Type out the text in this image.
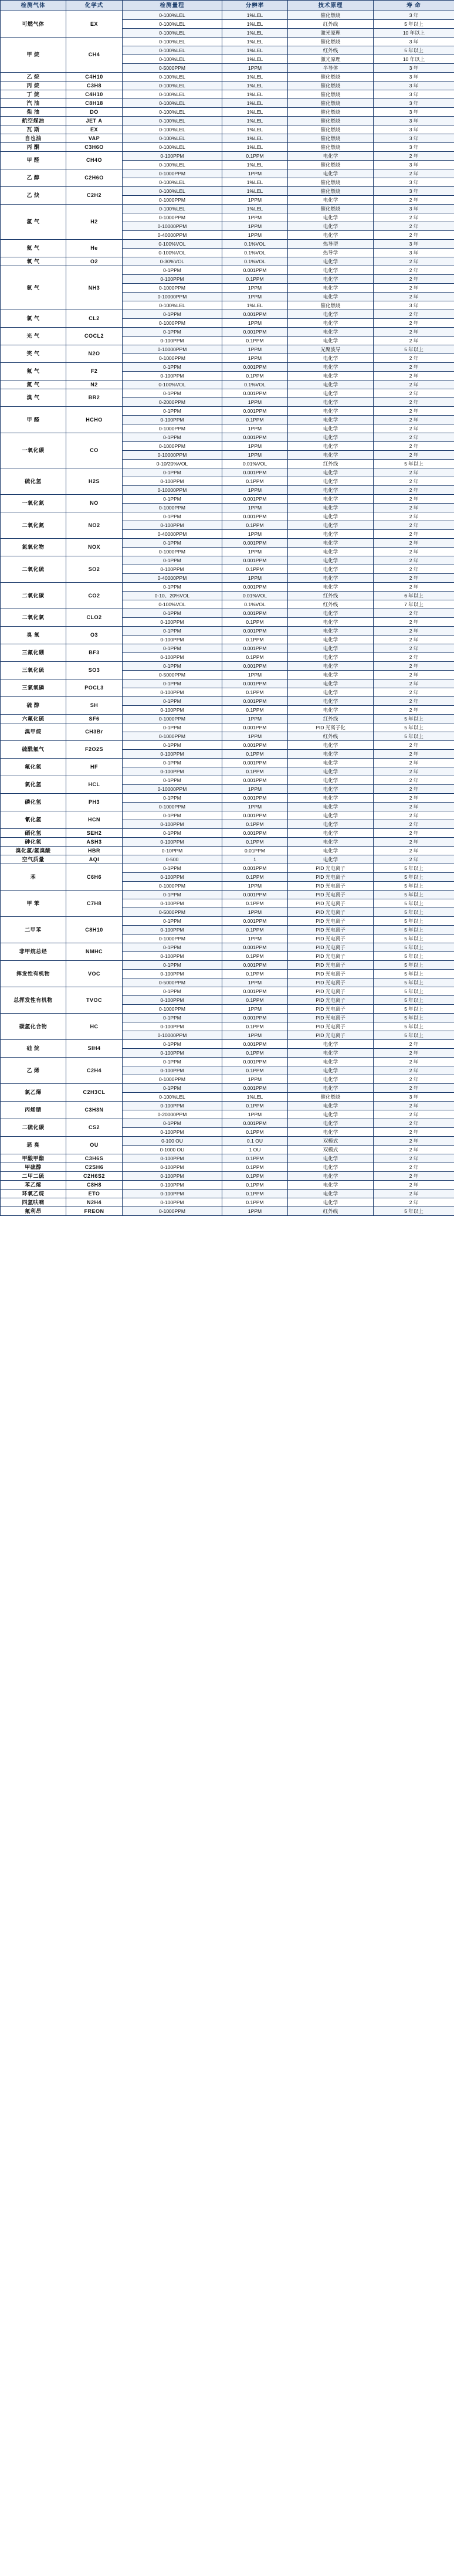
检测气体	化学式	检测量程	分辨率	技术原理	寿 命
可燃气体	EX	0-100%LEL	1%LEL	催化燃烧	3 年
		0-100%LEL	1%LEL	红外线	5 年以上
		0-100%LEL	1%LEL	激光原理	10 年以上
甲 烷	CH4	0-100%LEL	1%LEL	催化燃烧	3 年
		0-100%LEL	1%LEL	红外线	5 年以上
		0-100%LEL	1%LEL	激光原理	10 年以上
		0-5000PPM	1PPM	半导体	3 年
乙 烷	C4H10	0-100%LEL	1%LEL	催化燃烧	3 年
丙 烷	C3H8	0-100%LEL	1%LEL	催化燃烧	3 年
丁 烷	C4H10	0-100%LEL	1%LEL	催化燃烧	3 年
汽 油	C8H18	0-100%LEL	1%LEL	催化燃烧	3 年
柴 油	DO	0-100%LEL	1%LEL	催化燃烧	3 年
航空煤油	JET A	0-100%LEL	1%LEL	催化燃烧	3 年
瓦 斯	EX	0-100%LEL	1%LEL	催化燃烧	3 年
自也油	VAP	0-100%LEL	1%LEL	催化燃烧	3 年
丙 酮	C3H6O	0-100%LEL	1%LEL	催化燃烧	3 年
甲 醛	CH4O	0-100PPM	0.1PPM	电化学	2 年
		0-100%LEL	1%LEL	催化燃烧	3 年
乙 醇	C2H6O	0-1000PPM	1PPM	电化学	2 年
		0-100%LEL	1%LEL	催化燃烧	3 年
乙 炔	C2H2	0-100%LEL	1%LEL	催化燃烧	3 年
		0-1000PPM	1PPM	电化学	2 年
氢 气	H2	0-100%LEL	1%LEL	催化燃烧	3 年
		0-1000PPM	1PPM	电化学	2 年
		0-10000PPM	1PPM	电化学	2 年
		0-40000PPM	1PPM	电化学	2 年
氦 气	He	0-100%VOL	0.1%VOL	热导型	3 年
		0-100%VOL	0.1%VOL	热导学	3 年
氧 气	O2	0-30%VOL	0.1%VOL	电化学	2 年
氨 气	NH3	0-1PPM	0.001PPM	电化学	2 年
		0-100PPM	0.1PPM	电化学	2 年
		0-1000PPM	1PPM	电化学	2 年
		0-10000PPM	1PPM	电化学	2 年
		0-100%LEL	1%LEL	催化燃烧	3 年
氯 气	CL2	0-1PPM	0.001PPM	电化学	2 年
		0-1000PPM	1PPM	电化学	2 年
光 气	COCL2	0-1PPM	0.001PPM	电化学	2 年
		0-100PPM	0.1PPM	电化学	2 年
笑 气	N2O	0-10000PPM	1PPM	光聚波导	5 年以上
		0-1000PPM	1PPM	电化学	2 年
氟 气	F2	0-1PPM	0.001PPM	电化学	2 年
		0-100PPM	0.1PPM	电化学	2 年
氮 气	N2	0-100%VOL	0.1%VOL	电化学	2 年
溴 气	BR2	0-1PPM	0.001PPM	电化学	2 年
		0-2000PPM	1PPM	电化学	2 年
甲 醛	HCHO	0-1PPM	0.001PPM	电化学	2 年
		0-100PPM	0.1PPM	电化学	2 年
		0-1000PPM	1PPM	电化学	2 年
一氧化碳	CO	0-1PPM	0.001PPM	电化学	2 年
		0-1000PPM	1PPM	电化学	2 年
		0-10000PPM	1PPM	电化学	2 年
		0-10/20%VOL	0.01%VOL	红外线	5 年以上
硫化氢	H2S	0-1PPM	0.001PPM	电化学	2 年
		0-100PPM	0.1PPM	电化学	2 年
		0-10000PPM	1PPM	电化学	2 年
一氧化氮	NO	0-1PPM	0.001PPM	电化学	2 年
		0-1000PPM	1PPM	电化学	2 年
二氧化氮	NO2	0-1PPM	0.001PPM	电化学	2 年
		0-100PPM	0.1PPM	电化学	2 年
		0-40000PPM	1PPM	电化学	2 年
氮氧化物	NOX	0-1PPM	0.001PPM	电化学	2 年
		0-1000PPM	1PPM	电化学	2 年
二氧化硫	SO2	0-1PPM	0.001PPM	电化学	2 年
		0-100PPM	0.1PPM	电化学	2 年
		0-40000PPM	1PPM	电化学	2 年
二氧化碳	CO2	0-1PPM	0.001PPM	电化学	2 年
		0-10、20%VOL	0.01%VOL	红外线	6 年以上
		0-100%VOL	0.1%VOL	红外线	7 年以上
二氧化氯	CLO2	0-1PPM	0.001PPM	电化学	2 年
		0-100PPM	0.1PPM	电化学	2 年
臭 氧	O3	0-1PPM	0.001PPM	电化学	2 年
		0-100PPM	0.1PPM	电化学	2 年
三氟化硼	BF3	0-1PPM	0.001PPM	电化学	2 年
		0-100PPM	0.1PPM	电化学	2 年
三氧化硫	SO3	0-1PPM	0.001PPM	电化学	2 年
		0-5000PPM	1PPM	电化学	2 年
三氯氧磷	POCL3	0-1PPM	0.001PPM	电化学	2 年
		0-100PPM	0.1PPM	电化学	2 年
硫 醇	SH	0-1PPM	0.001PPM	电化学	2 年
		0-100PPM	0.1PPM	电化学	2 年
六氟化硫	SF6	0-1000PPM	1PPM	红外线	5 年以上
溴甲烷	CH3Br	0-1PPM	0.001PPM	PID 光离子化	5 年以上
		0-1000PPM	1PPM	红外线	5 年以上
硫酰氟气	F2O2S	0-1PPM	0.001PPM	电化学	2 年
		0-100PPM	0.1PPM	电化学	2 年
氟化氢	HF	0-1PPM	0.001PPM	电化学	2 年
		0-100PPM	0.1PPM	电化学	2 年
氯化氢	HCL	0-1PPM	0.001PPM	电化学	2 年
		0-10000PPM	1PPM	电化学	2 年
磷化氢	PH3	0-1PPM	0.001PPM	电化学	2 年
		0-1000PPM	1PPM	电化学	2 年
氰化氢	HCN	0-1PPM	0.001PPM	电化学	2 年
		0-100PPM	0.1PPM	电化学	2 年
硒化氢	SEH2	0-1PPM	0.001PPM	电化学	2 年
砷化氢	ASH3	0-100PPM	0.1PPM	电化学	2 年
溴化氢/氢溴酸	HBR	0-10PPM	0.01PPM	电化学	2 年
空气质量	AQI	0-500	1	电化学	2 年
苯	C6H6	0-1PPM	0.001PPM	PID 光电离子	5 年以上
		0-100PPM	0.1PPM	PID 光电离子	5 年以上
		0-1000PPM	1PPM	PID 光电离子	5 年以上
甲 苯	C7H8	0-1PPM	0.001PPM	PID 光电离子	5 年以上
		0-100PPM	0.1PPM	PID 光电离子	5 年以上
		0-5000PPM	1PPM	PID 光电离子	5 年以上
二甲苯	C8H10	0-1PPM	0.001PPM	PID 光电离子	5 年以上
		0-100PPM	0.1PPM	PID 光电离子	5 年以上
		0-1000PPM	1PPM	PID 光电离子	5 年以上
非甲烷总烃	NMHC	0-1PPM	0.001PPM	PID 光电离子	5 年以上
		0-100PPM	0.1PPM	PID 光电离子	5 年以上
挥发性有机物	VOC	0-1PPM	0.001PPM	PID 光电离子	5 年以上
		0-100PPM	0.1PPM	PID 光电离子	5 年以上
		0-5000PPM	1PPM	PID 光电离子	5 年以上
总挥发性有机物	TVOC	0-1PPM	0.001PPM	PID 光电离子	5 年以上
		0-100PPM	0.1PPM	PID 光电离子	5 年以上
		0-1000PPM	1PPM	PID 光电离子	5 年以上
碳氢化合物	HC	0-1PPM	0.001PPM	PID 光电离子	5 年以上
		0-100PPM	0.1PPM	PID 光电离子	5 年以上
		0-10000PPM	1PPM	PID 光电离子	5 年以上
硅 烷	SIH4	0-1PPM	0.001PPM	电化学	2 年
		0-100PPM	0.1PPM	电化学	2 年
乙 烯	C2H4	0-1PPM	0.001PPM	电化学	2 年
		0-100PPM	0.1PPM	电化学	2 年
		0-1000PPM	1PPM	电化学	2 年
氯乙烯	C2H3CL	0-1PPM	0.001PPM	电化学	2 年
		0-100%LEL	1%LEL	催化燃烧	3 年
丙烯腈	C3H3N	0-100PPM	0.1PPM	电化学	2 年
		0-20000PPM	1PPM	电化学	2 年
二硫化碳	CS2	0-1PPM	0.001PPM	电化学	2 年
		0-100PPM	0.1PPM	电化学	2 年
恶 臭	OU	0-100 OU	0.1 OU	双模式	2 年
		0-1000 OU	1 OU	双模式	2 年
甲酸甲酯	C3H6S	0-100PPM	0.1PPM	电化学	2 年
甲硫醇	C2SH6	0-100PPM	0.1PPM	电化学	2 年
二甲二硫	C2H6S2	0-100PPM	0.1PPM	电化学	2 年
苯乙烯	C8H8	0-100PPM	0.1PPM	电化学	2 年
环氧乙烷	ETO	0-100PPM	0.1PPM	电化学	2 年
四氢呋喃	N2H4	0-100PPM	0.1PPM	电化学	2 年
氟利昂	FREON	0-1000PPM	1PPM	红外线	5 年以上
